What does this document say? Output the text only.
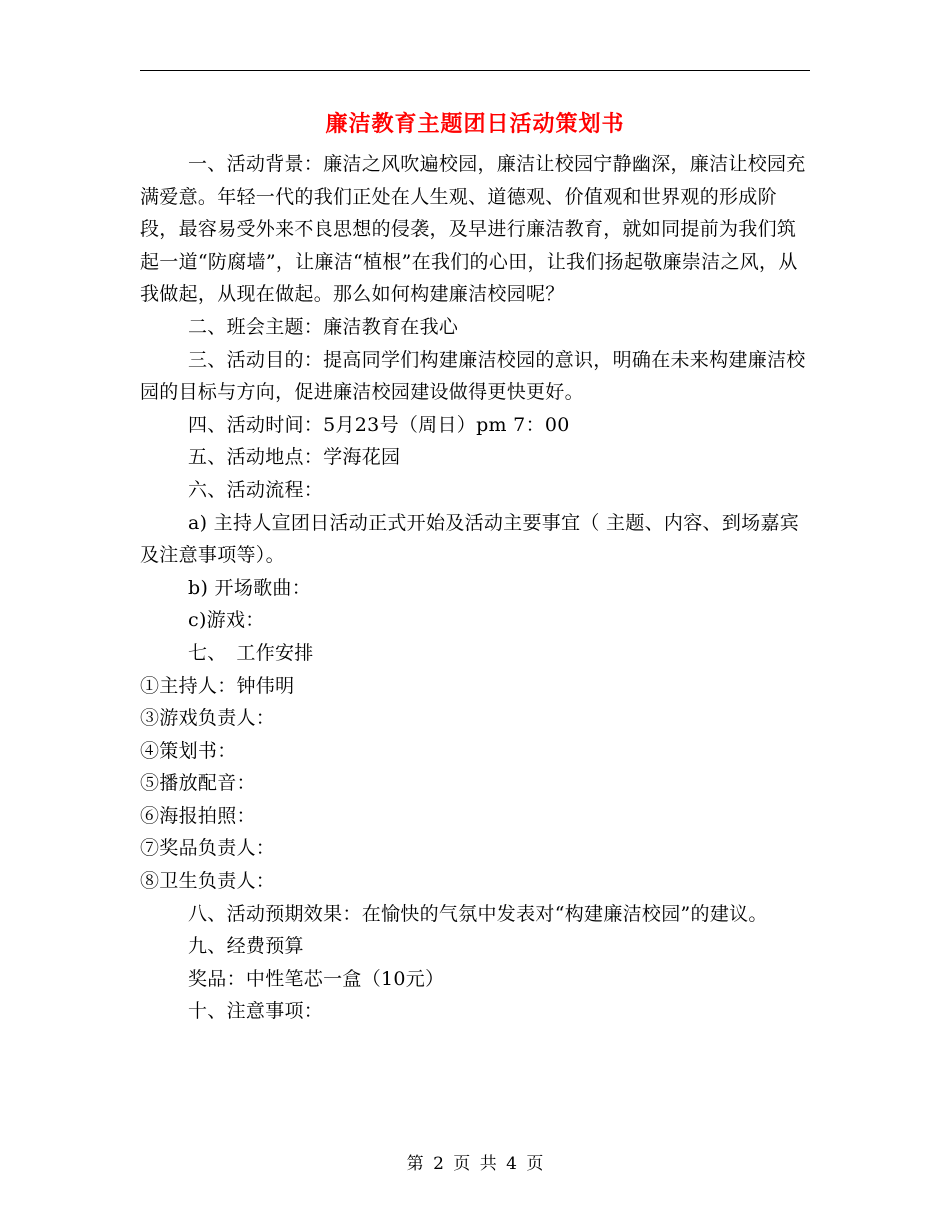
廉洁教育主题团日活动策划书

一、活动背景：廉洁之风吹遍校园，廉洁让校园宁静幽深，廉洁让校园充满爱意。年轻一代的我们正处在人生观、道德观、价值观和世界观的形成阶段，最容易受外来不良思想的侵袭，及早进行廉洁教育，就如同提前为我们筑起一道“防腐墙”，让廉洁“植根”在我们的心田，让我们扬起敬廉崇洁之风，从我做起，从现在做起。那么如何构建廉洁校园呢？

二、班会主题：廉洁教育在我心

三、活动目的：提高同学们构建廉洁校园的意识，明确在未来构建廉洁校园的目标与方向，促进廉洁校园建设做得更快更好。

四、活动时间：5月23号（周日）pm 7：00

五、活动地点：学海花园

六、活动流程：

a) 主持人宣团日活动正式开始及活动主要事宜（ 主题、内容、到场嘉宾及注意事项等）。

b) 开场歌曲：

c)游戏：

七、　工作安排

①主持人：钟伟明

③游戏负责人：

④策划书：

⑤播放配音：

⑥海报拍照：

⑦奖品负责人：

⑧卫生负责人：

八、活动预期效果：在愉快的气氛中发表对“构建廉洁校园”的建议。

九、经费预算

奖品：中性笔芯一盒（10元）

十、注意事项：

第 2 页 共 4 页
